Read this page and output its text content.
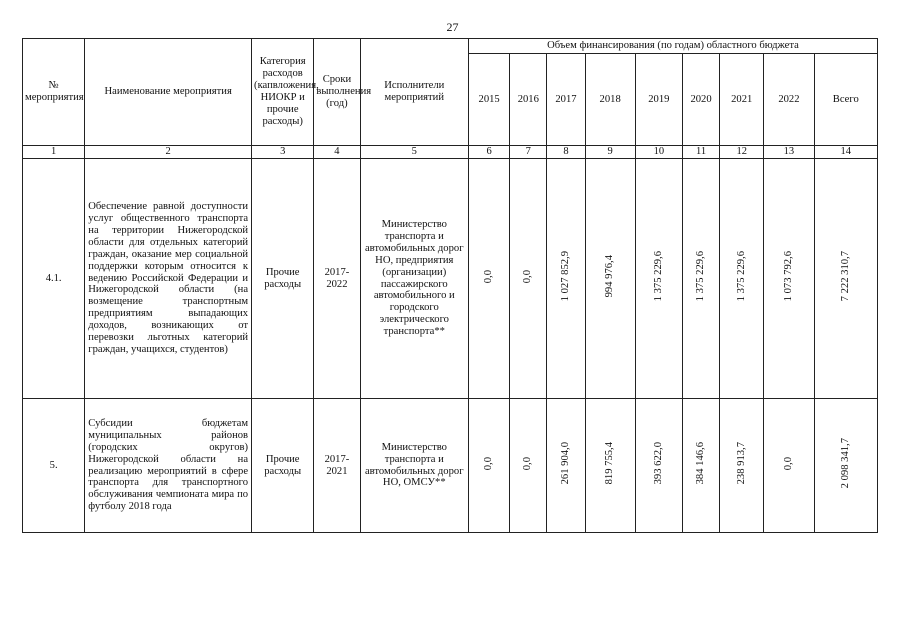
27
№ мероприятия	Наименование мероприятия	Категория расходов (капвложения, НИОКР и прочие расходы)	Сроки выполнения (год)	Исполнители мероприятий	Объем финансирования (по годам) областного бюджета								
					2015	2016	2017	2018	2019	2020	2021	2022	Всего
1	2	3	4	5	6	7	8	9	10	11	12	13	14
4.1.	Обеспечение равной доступности услуг общественного транспорта на территории Нижегородской области для отдельных категорий граждан, оказание мер социальной поддержки которым относится к ведению Российской Федерации и Нижегородской области (на возмещение транспортным предприятиям выпадающих доходов, возникающих от перевозки льготных категорий граждан, учащихся, студентов)	Прочие расходы	2017-2022	Министерство транспорта и автомобильных дорог НО, предприятия (организации) пассажирского автомобильного и городского электрического транспорта**	0,0	0,0	1 027 852,9	994 976,4	1 375 229,6	1 375 229,6	1 375 229,6	1 073 792,6	7 222 310,7
5.	Субсидии бюджетам муниципальных районов (городских округов) Нижегородской области на реализацию мероприятий в сфере транспорта для транспортного обслуживания чемпионата мира по футболу 2018 года	Прочие расходы	2017-2021	Министерство транспорта и автомобильных дорог НО, ОМСУ**	0,0	0,0	261 904,0	819 755,4	393 622,0	384 146,6	238 913,7	0,0	2 098 341,7
